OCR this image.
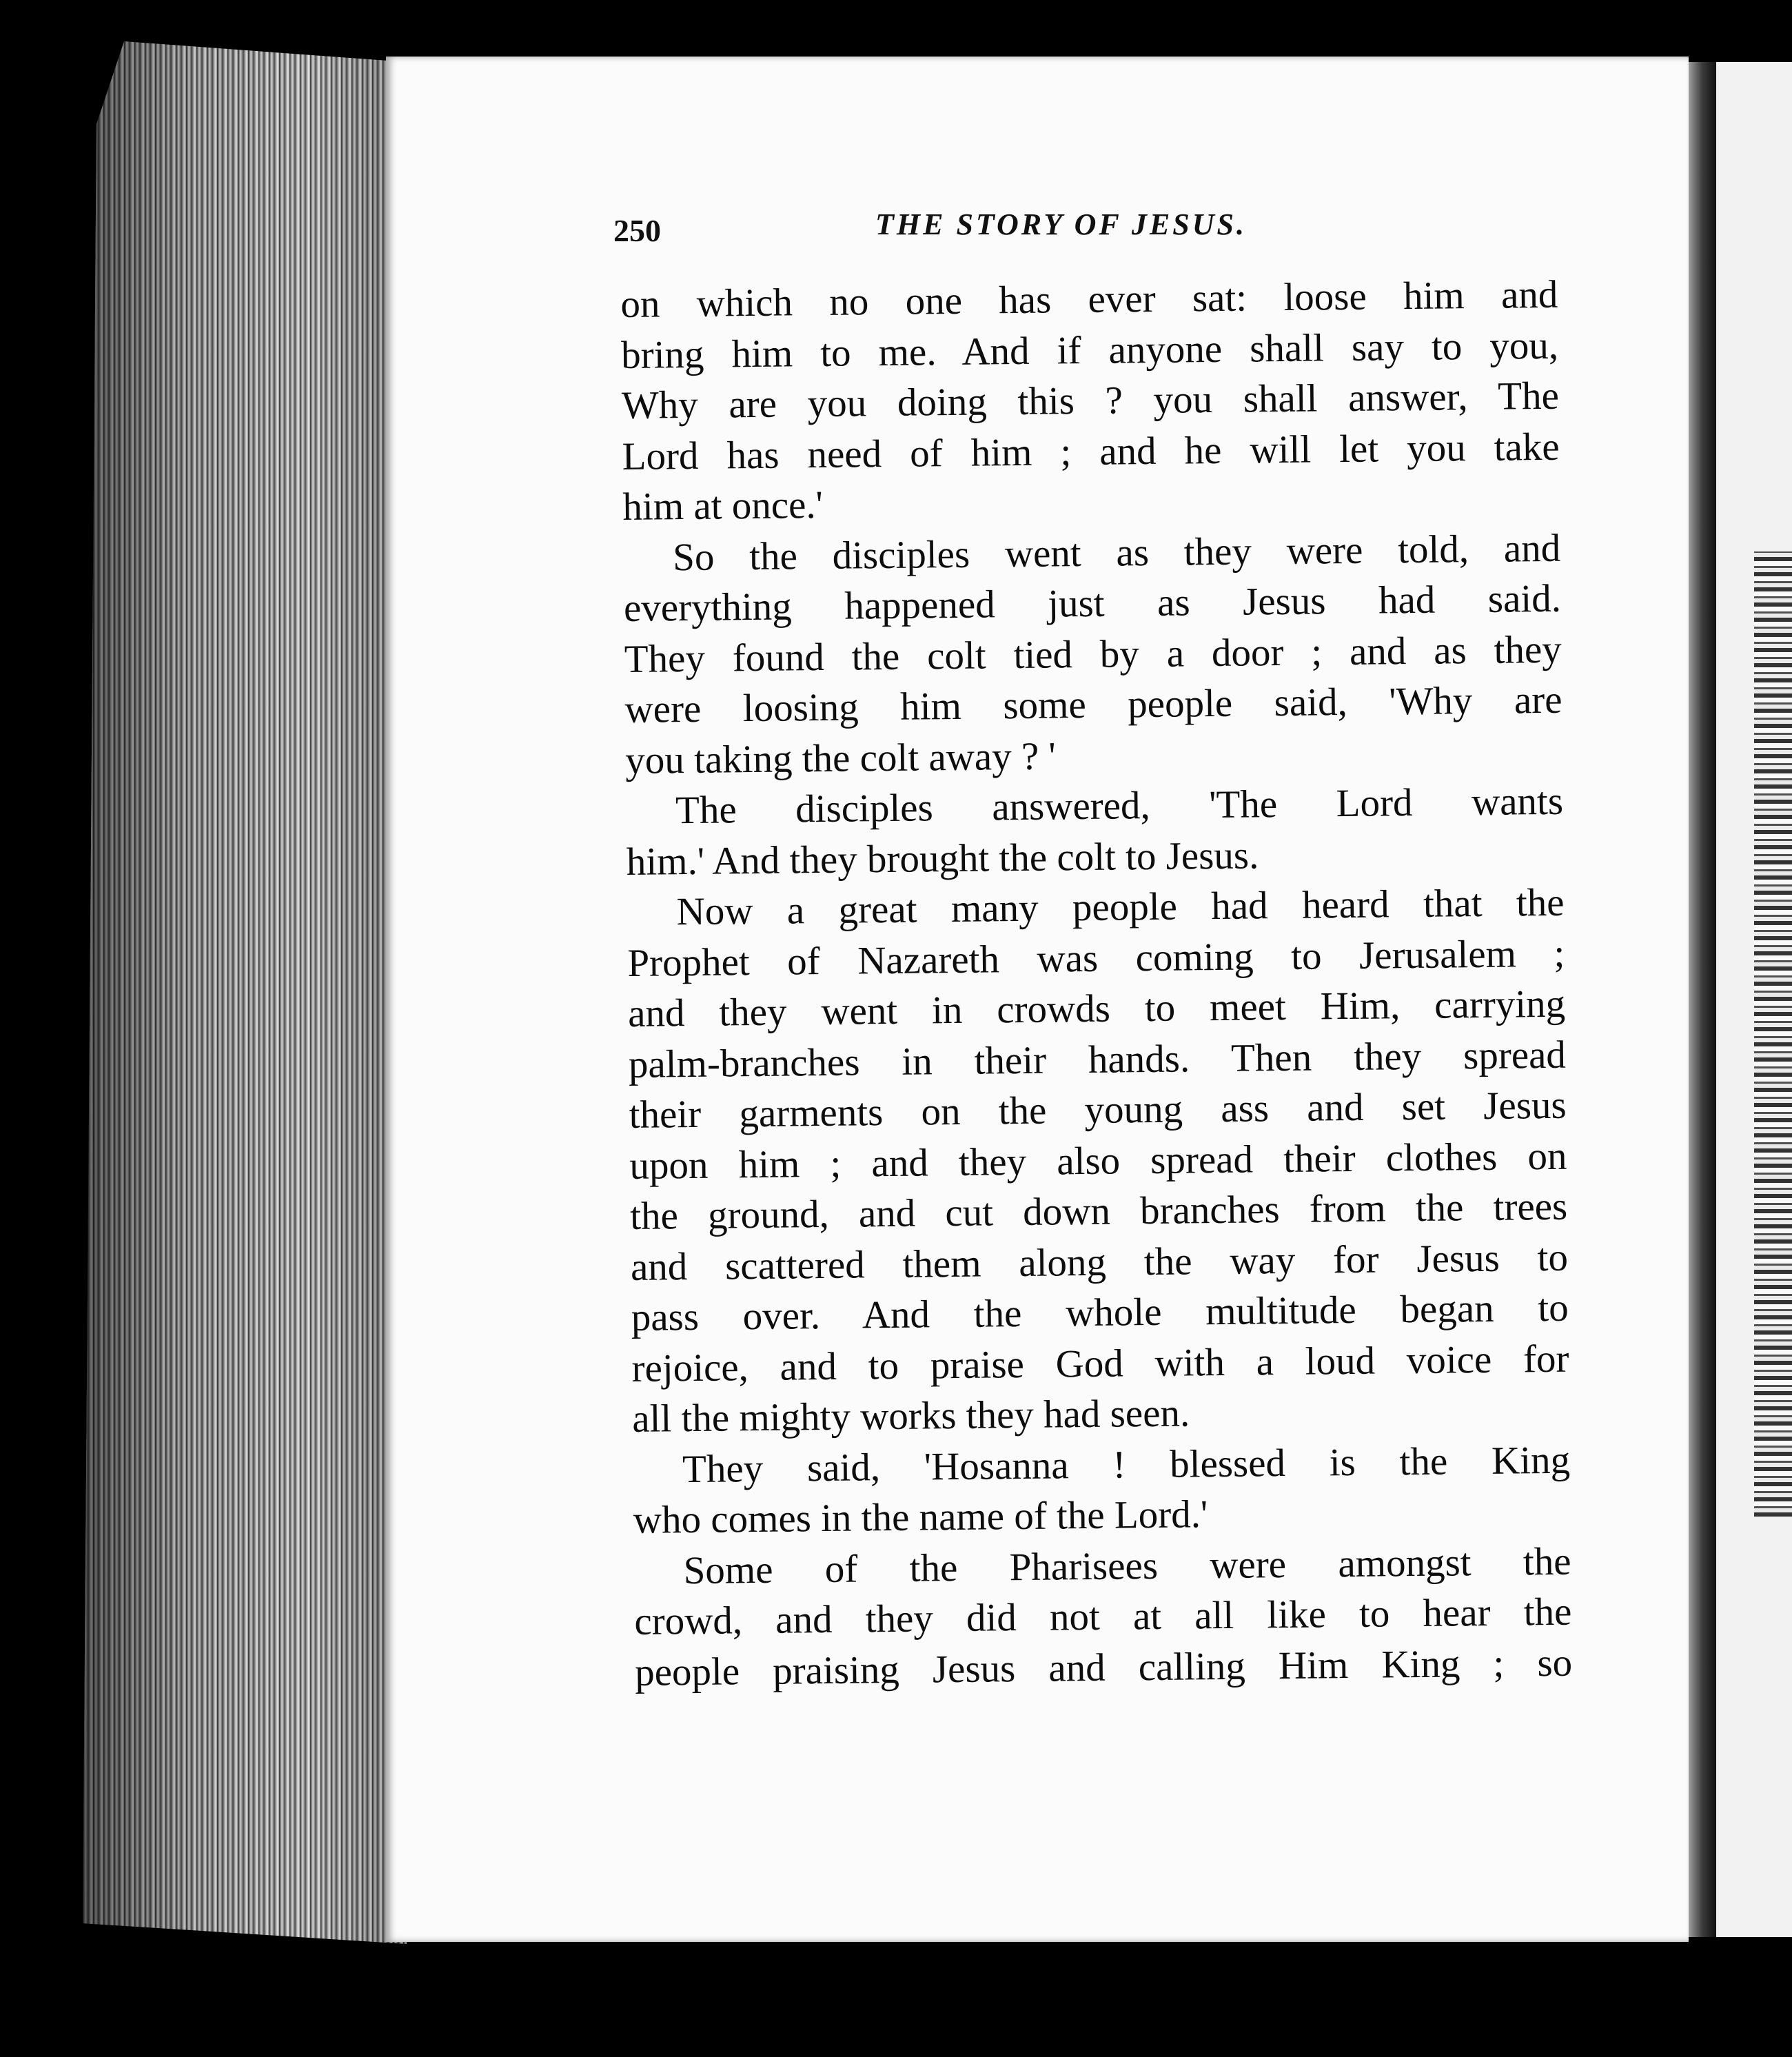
250	THE STORY OF JESUS.
on which no one has ever sat: loose him and
bring him to me. And if anyone shall say to you,
Why are you doing this ? you shall answer, The
Lord has need of him ; and he will let you take
him at once.'
So the disciples went as they were told, and
everything happened just as Jesus had said.
They found the colt tied by a door ; and as they
were loosing him some people said, 'Why are
you taking the colt away ? '
The disciples answered, 'The Lord wants
him.' And they brought the colt to Jesus.
Now a great many people had heard that the
Prophet of Nazareth was coming to Jerusalem ;
and they went in crowds to meet Him, carrying
palm-branches in their hands. Then they spread
their garments on the young ass and set Jesus
upon him ; and they also spread their clothes on
the ground, and cut down branches from the trees
and scattered them along the way for Jesus to
pass over. And the whole multitude began to
rejoice, and to praise God with a loud voice for
all the mighty works they had seen.
They said, 'Hosanna ! blessed is the King
who comes in the name of the Lord.'
Some of the Pharisees were amongst the
crowd, and they did not at all like to hear the
people praising Jesus and calling Him King ; so
